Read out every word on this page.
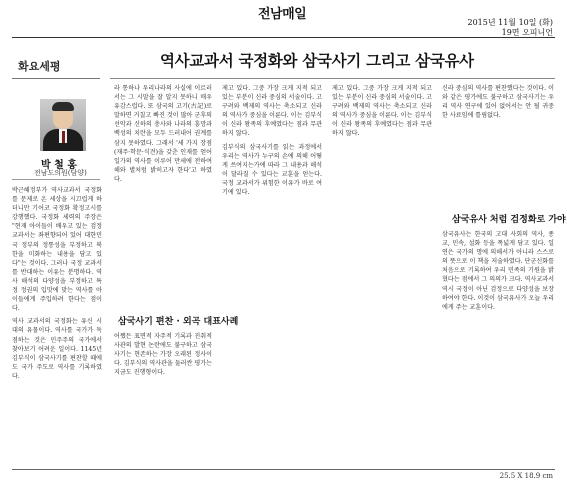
전남매일
2015년 11월 10일 (화)
19면 오피니언
화요세평
박 철 홍
전남도의원(담양)
역사교과서 국정화와 삼국사기 그리고 삼국유사

박근혜정부가 역사교과서 국정화를 문제로 온 세상을 시끄럽게 하더니만 기어코 국정화 확정고시를 강행했다. 국정화 세력의 주장은 "현재 아이들이 배우고 있는 검정교과서는 좌편향되어 있어 대한민국 정부의 정통성을 부정하고 북한을 미화하는 내용을 담고 있다"는 것이다. 그러나 국정 교과서를 반대하는 이유는 분명하다. 역사 해석의 다양성을 부정하고 특정 정권의 입맛에 맞는 역사를 아이들에게 주입하려 한다는 점이다.

역사 교과서의 국정화는 유신 시대의 유물이다. 역사를 국가가 독점하는 것은 민주주의 국가에서 찾아보기 어려운 일이다. 1145년 김부식이 삼국사기를 편찬할 때에도 국가 주도로 역사를 기록하였다.

라 통하나 우리나라의 사실에 이르러서는 그 시말을 잘 알지 못하니 매우 유감스럽다. 또 삼국의 고기(古記)로 말하면 거칠고 빠진 것이 많아 군후의 선악과 신하의 충사와 나라의 흥망과 백성의 치란을 모두 드러내어 권계를 삼지 못하였다. 그래서 '세 가지 장점(재주·학문·식견)을 갖춘 인재를 얻어 일가의 역사를 이루어 만세에 전하여 해와 별처럼 밝히고자 한다'고 하였다.

삼국사기 편찬 · 외곡 대표사례

어쨌든 표면적 자주적 기록과 진취적 사관의 발현 논란에도 불구하고 삼국사기는 현존하는 가장 오래된 정사이다. 김부식의 역사관을 둘러싼 평가는 지금도 진행형이다.

제고 있다. 그중 가장 크게 지적 되고 있는 부분이 신라 중심의 서술이다. 고구려와 백제의 역사는 축소되고 신라의 역사가 중심을 이룬다. 이는 김부식이 신라 왕족의 후예였다는 점과 무관하지 않다.

김부식의 삼국사기를 읽는 과정에서 우리는 역사가 누구의 손에 의해 어떻게 쓰여지는가에 따라 그 내용과 해석이 달라질 수 있다는 교훈을 얻는다. 국정 교과서가 위험한 이유가 바로 여기에 있다.

제고 있다. 그중 가장 크게 지적 되고 있는 부분이 신라 중심의 서술이다. 고구려와 백제의 역사는 축소되고 신라의 역사가 중심을 이룬다. 이는 김부식이 신라 왕족의 후예였다는 점과 무관하지 않다.

신라 중심의 역사를 편찬했다는 것이다. 이와 같은 평가에도 불구하고 삼국사기는 우리 역사 연구에 있어 없어서는 안 될 귀중한 사료임에 틀림없다.

삼국유사 처럼 검정화로 가야

삼국유사는 한국의 고대 사회의 역사, 종교, 민속, 설화 등을 폭넓게 담고 있다. 일연은 국가의 명에 의해서가 아니라 스스로의 뜻으로 이 책을 저술하였다. 단군신화를 처음으로 기록하여 우리 민족의 기원을 밝혔다는 점에서 그 의의가 크다. 역사교과서 역시 국정이 아닌 검정으로 다양성을 보장하여야 한다. 이것이 삼국유사가 오늘 우리에게 주는 교훈이다.

25.5 X 18.9 cm
